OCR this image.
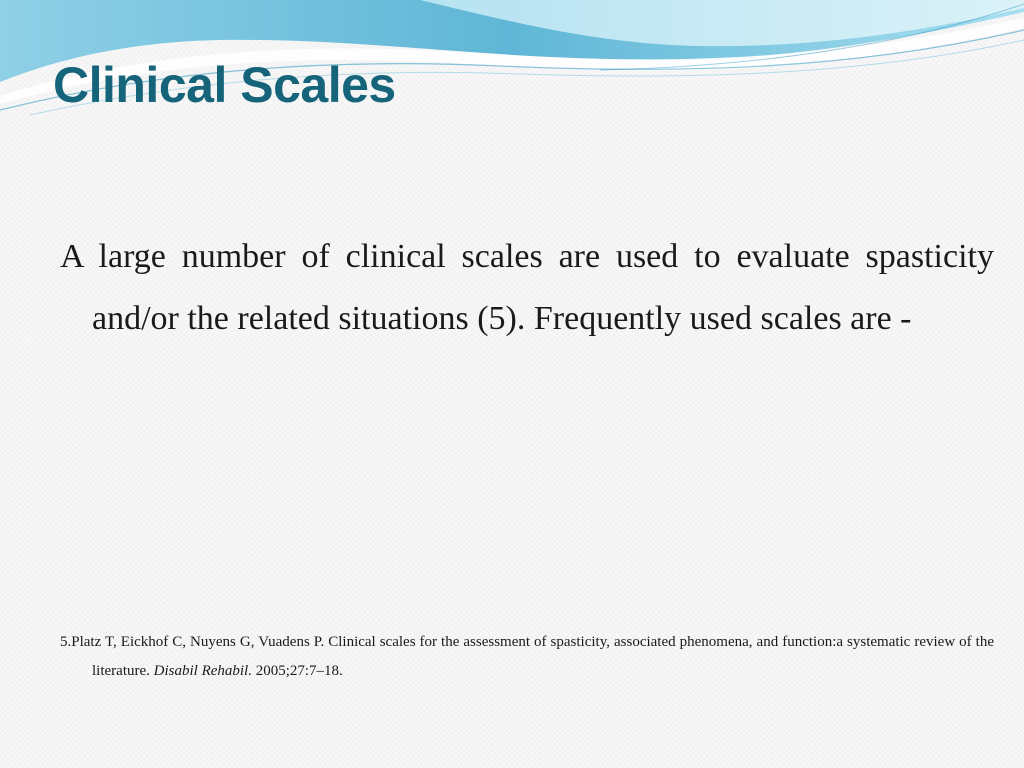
Clinical Scales

A large number of clinical scales are used to evaluate spasticity and/or the related situations (5). Frequently used scales are -

5.Platz T, Eickhof C, Nuyens G, Vuadens P. Clinical scales for the assessment of spasticity, associated phenomena, and function:a systematic review of the literature. Disabil Rehabil. 2005;27:7–18.
